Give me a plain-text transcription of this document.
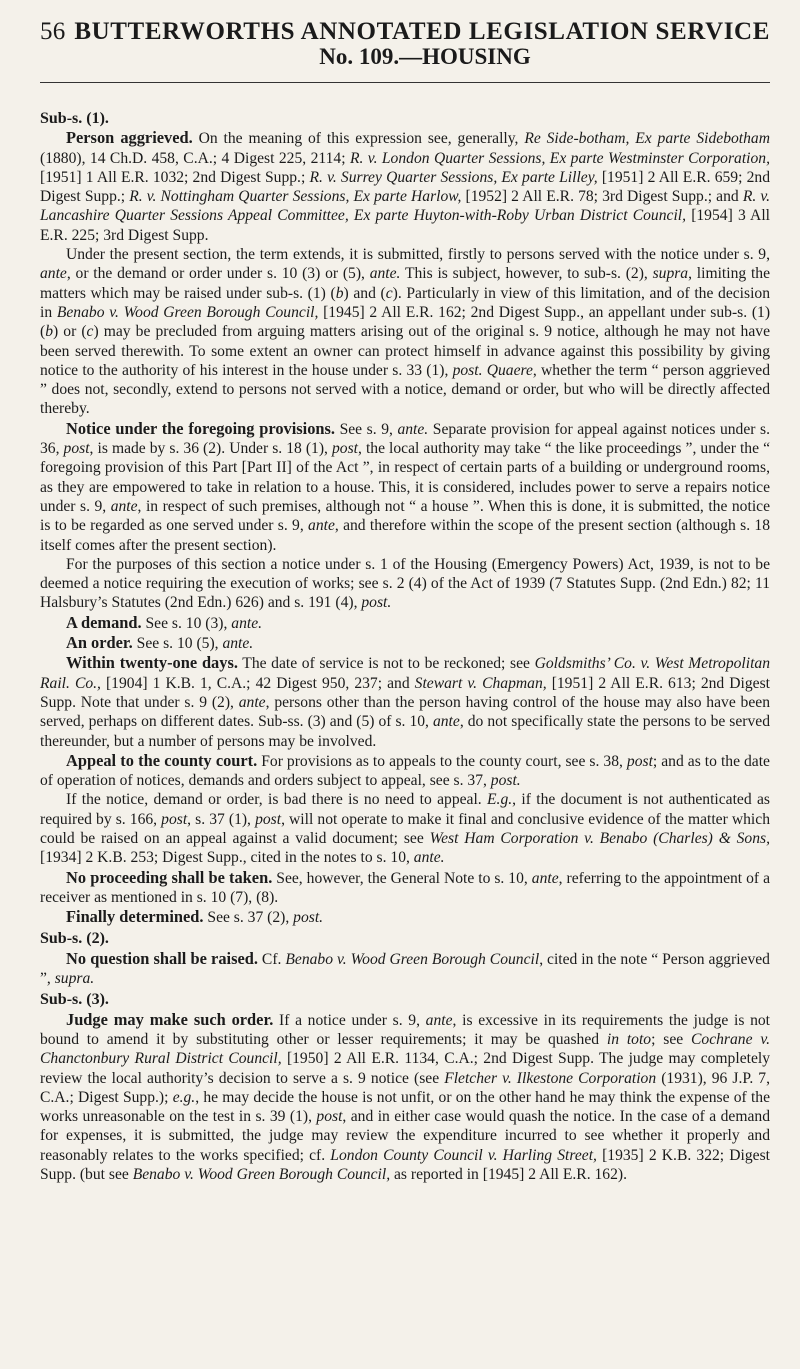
56 BUTTERWORTHS ANNOTATED LEGISLATION SERVICE
No. 109.—HOUSING

Sub-s. (1).

Person aggrieved. On the meaning of this expression see, generally, Re Side-botham, Ex parte Sidebotham (1880), 14 Ch.D. 458, C.A.; 4 Digest 225, 2114; R. v. London Quarter Sessions, Ex parte Westminster Corporation, [1951] 1 All E.R. 1032; 2nd Digest Supp.; R. v. Surrey Quarter Sessions, Ex parte Lilley, [1951] 2 All E.R. 659; 2nd Digest Supp.; R. v. Nottingham Quarter Sessions, Ex parte Harlow, [1952] 2 All E.R. 78; 3rd Digest Supp.; and R. v. Lancashire Quarter Sessions Appeal Committee, Ex parte Huyton-with-Roby Urban District Council, [1954] 3 All E.R. 225; 3rd Digest Supp.

Under the present section, the term extends, it is submitted, firstly to persons served with the notice under s. 9, ante, or the demand or order under s. 10 (3) or (5), ante. This is subject, however, to sub-s. (2), supra, limiting the matters which may be raised under sub-s. (1) (b) and (c). Particularly in view of this limitation, and of the decision in Benabo v. Wood Green Borough Council, [1945] 2 All E.R. 162; 2nd Digest Supp., an appellant under sub-s. (1) (b) or (c) may be precluded from arguing matters arising out of the original s. 9 notice, although he may not have been served therewith. To some extent an owner can protect himself in advance against this possibility by giving notice to the authority of his interest in the house under s. 33 (1), post. Quaere, whether the term “ person aggrieved ” does not, secondly, extend to persons not served with a notice, demand or order, but who will be directly affected thereby.

Notice under the foregoing provisions. See s. 9, ante. Separate provision for appeal against notices under s. 36, post, is made by s. 36 (2). Under s. 18 (1), post, the local authority may take “ the like proceedings ”, under the “ foregoing provision of this Part [Part II] of the Act ”, in respect of certain parts of a building or underground rooms, as they are empowered to take in relation to a house. This, it is considered, includes power to serve a repairs notice under s. 9, ante, in respect of such premises, although not “ a house ”. When this is done, it is submitted, the notice is to be regarded as one served under s. 9, ante, and therefore within the scope of the present section (although s. 18 itself comes after the present section).

For the purposes of this section a notice under s. 1 of the Housing (Emergency Powers) Act, 1939, is not to be deemed a notice requiring the execution of works; see s. 2 (4) of the Act of 1939 (7 Statutes Supp. (2nd Edn.) 82; 11 Halsbury’s Statutes (2nd Edn.) 626) and s. 191 (4), post.

A demand. See s. 10 (3), ante.

An order. See s. 10 (5), ante.

Within twenty-one days. The date of service is not to be reckoned; see Goldsmiths’ Co. v. West Metropolitan Rail. Co., [1904] 1 K.B. 1, C.A.; 42 Digest 950, 237; and Stewart v. Chapman, [1951] 2 All E.R. 613; 2nd Digest Supp. Note that under s. 9 (2), ante, persons other than the person having control of the house may also have been served, perhaps on different dates. Sub-ss. (3) and (5) of s. 10, ante, do not specifically state the persons to be served thereunder, but a number of persons may be involved.

Appeal to the county court. For provisions as to appeals to the county court, see s. 38, post; and as to the date of operation of notices, demands and orders subject to appeal, see s. 37, post.

If the notice, demand or order, is bad there is no need to appeal. E.g., if the document is not authenticated as required by s. 166, post, s. 37 (1), post, will not operate to make it final and conclusive evidence of the matter which could be raised on an appeal against a valid document; see West Ham Corporation v. Benabo (Charles) & Sons, [1934] 2 K.B. 253; Digest Supp., cited in the notes to s. 10, ante.

No proceeding shall be taken. See, however, the General Note to s. 10, ante, referring to the appointment of a receiver as mentioned in s. 10 (7), (8).

Finally determined. See s. 37 (2), post.

Sub-s. (2).

No question shall be raised. Cf. Benabo v. Wood Green Borough Council, cited in the note “ Person aggrieved ”, supra.

Sub-s. (3).

Judge may make such order. If a notice under s. 9, ante, is excessive in its requirements the judge is not bound to amend it by substituting other or lesser requirements; it may be quashed in toto; see Cochrane v. Chanctonbury Rural District Council, [1950] 2 All E.R. 1134, C.A.; 2nd Digest Supp. The judge may completely review the local authority’s decision to serve a s. 9 notice (see Fletcher v. Ilkestone Corporation (1931), 96 J.P. 7, C.A.; Digest Supp.); e.g., he may decide the house is not unfit, or on the other hand he may think the expense of the works unreasonable on the test in s. 39 (1), post, and in either case would quash the notice. In the case of a demand for expenses, it is submitted, the judge may review the expenditure incurred to see whether it properly and reasonably relates to the works specified; cf. London County Council v. Harling Street, [1935] 2 K.B. 322; Digest Supp. (but see Benabo v. Wood Green Borough Council, as reported in [1945] 2 All E.R. 162).
